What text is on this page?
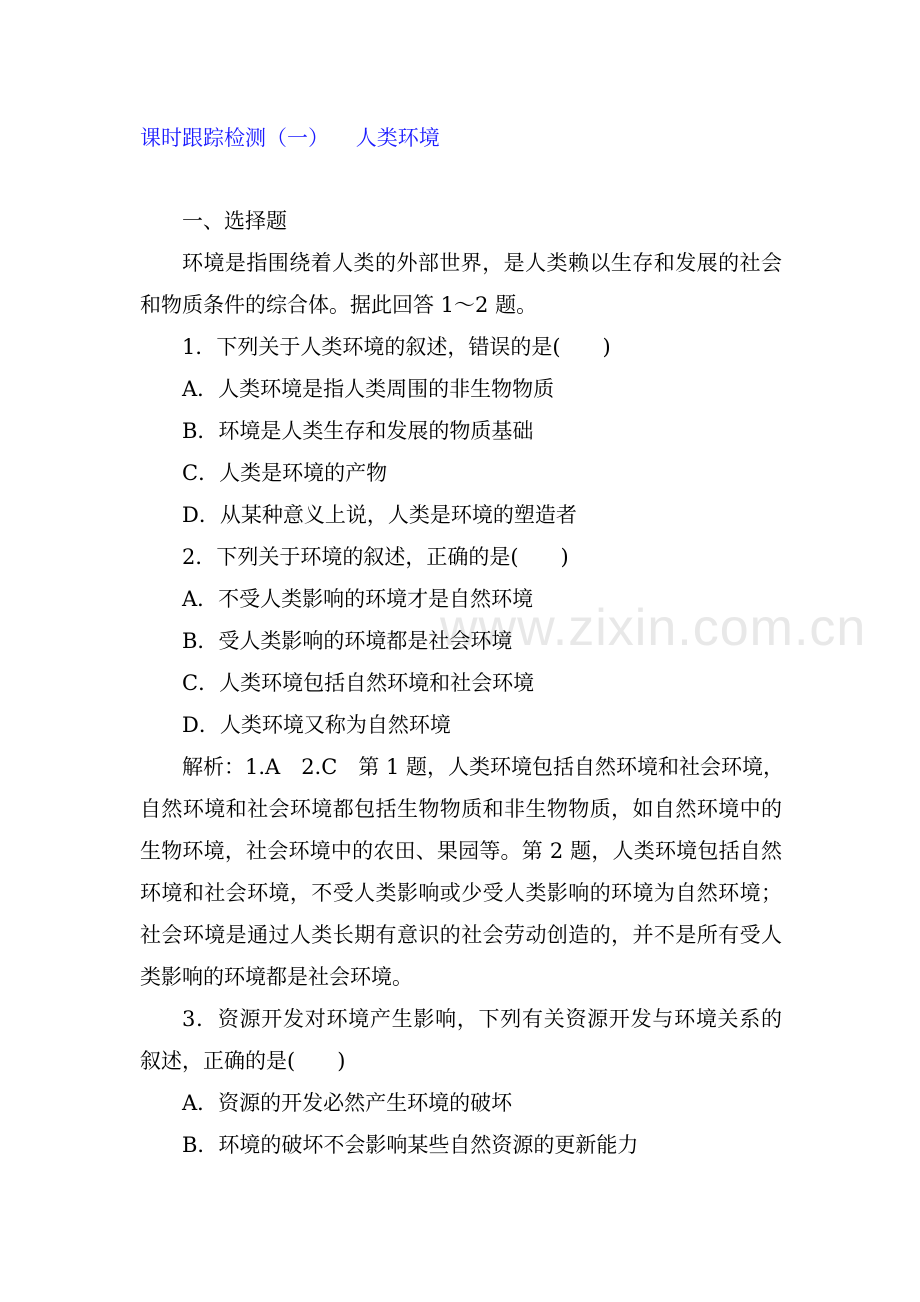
www.zixin.com.cn
课时跟踪检测（一）    人类环境
一、选择题
环境是指围绕着人类的外部世界，是人类赖以生存和发展的社会
和物质条件的综合体。据此回答 1～2 题。
1．下列关于人类环境的叙述，错误的是(　　)
A．人类环境是指人类周围的非生物物质
B．环境是人类生存和发展的物质基础
C．人类是环境的产物
D．从某种意义上说，人类是环境的塑造者
2．下列关于环境的叙述，正确的是(　　)
A．不受人类影响的环境才是自然环境
B．受人类影响的环境都是社会环境
C．人类环境包括自然环境和社会环境
D．人类环境又称为自然环境
解析：1.A　2.C　第 1 题，人类环境包括自然环境和社会环境，
自然环境和社会环境都包括生物物质和非生物物质，如自然环境中的
生物环境，社会环境中的农田、果园等。第 2 题，人类环境包括自然
环境和社会环境，不受人类影响或少受人类影响的环境为自然环境；
社会环境是通过人类长期有意识的社会劳动创造的，并不是所有受人
类影响的环境都是社会环境。
3．资源开发对环境产生影响，下列有关资源开发与环境关系的
叙述，正确的是(　　)
A．资源的开发必然产生环境的破坏
B．环境的破坏不会影响某些自然资源的更新能力
